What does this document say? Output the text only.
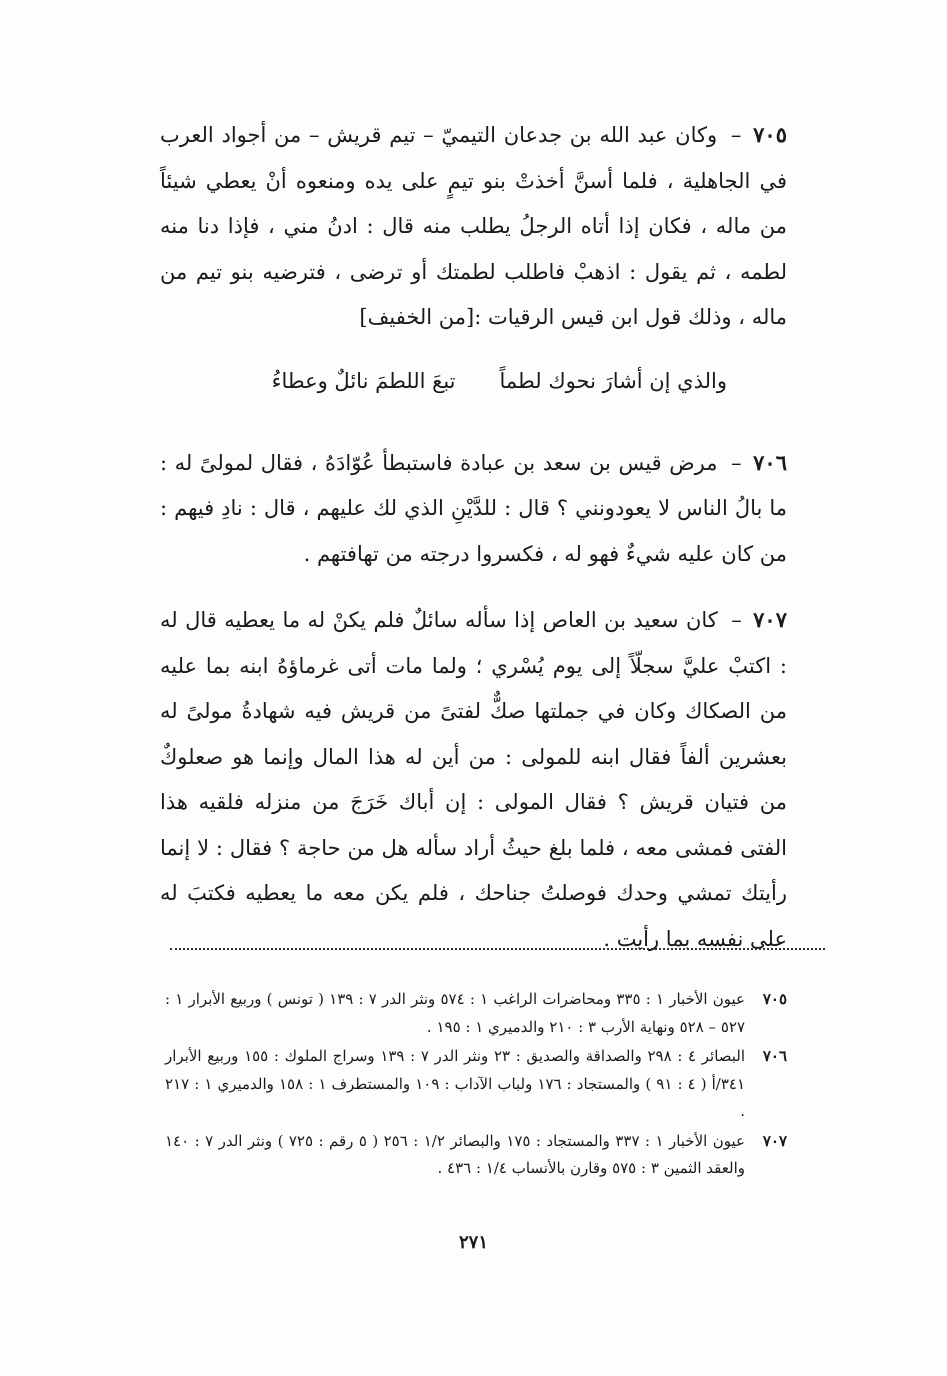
٧٠٥ – وكان عبد الله بن جدعان التيميّ – تيم قريش – من أجواد العرب في الجاهلية ، فلما أسنَّ أخذتْ بنو تيمٍ على يده ومنعوه أنْ يعطي شيئاً من ماله ، فكان إذا أتاه الرجلُ يطلب منه قال : ادنُ مني ، فإذا دنا منه لطمه ، ثم يقول : اذهبْ فاطلب لطمتك أو ترضى ، فترضيه بنو تيم من ماله ، وذلك قول ابن قيس الرقيات :[من الخفيف]

والذي إن أشارَ نحوك لطماً
تبعَ اللطمَ نائلٌ وعطاءُ

٧٠٦ – مرض قيس بن سعد بن عبادة فاستبطأ عُوّادَهُ ، فقال لمولىً له : ما بالُ الناس لا يعودونني ؟ قال : للدَّيْنِ الذي لك عليهم ، قال : نادِ فيهم : من كان عليه شيءٌ فهو له ، فكسروا درجته من تهافتهم .

٧٠٧ – كان سعيد بن العاص إذا سأله سائلٌ فلم يكنْ له ما يعطيه قال له : اكتبْ عليَّ سجلّاً إلى يوم يُسْري ؛ ولما مات أتى غرماؤهُ ابنه بما عليه من الصكاك وكان في جملتها صكٌّ لفتىً من قريش فيه شهادةُ مولىً له بعشرين ألفاً فقال ابنه للمولى : من أين له هذا المال وإنما هو صعلوكٌ من فتيان قريش ؟ فقال المولى : إن أباك خَرَجَ من منزله فلقيه هذا الفتى فمشى معه ، فلما بلغ حيثُ أراد سأله هل من حاجة ؟ فقال : لا إنما رأيتك تمشي وحدك فوصلتُ جناحك ، فلم يكن معه ما يعطيه فكتبَ له على نفسه بما رأيت .

٧٠٥
عيون الأخبار ١ : ٣٣٥ ومحاضرات الراغب ١ : ٥٧٤ ونثر الدر ٧ : ١٣٩ ( تونس ) وربيع الأبرار ١ : ٥٢٧ – ٥٢٨ ونهاية الأرب ٣ : ٢١٠ والدميري ١ : ١٩٥ .

٧٠٦
البصائر ٤ : ٢٩٨ والصداقة والصديق : ٢٣ ونثر الدر ٧ : ١٣٩ وسراج الملوك : ١٥٥ وربيع الأبرار ٣٤١/أ ( ٤ : ٩١ ) والمستجاد : ١٧٦ ولباب الآداب : ١٠٩ والمستطرف ١ : ١٥٨ والدميري ١ : ٢١٧ .

٧٠٧
عيون الأخبار ١ : ٣٣٧ والمستجاد : ١٧٥ والبصائر ١/٢ : ٢٥٦ ( ٥ رقم : ٧٢٥ ) ونثر الدر ٧ : ١٤٠ والعقد الثمين ٣ : ٥٧٥ وقارن بالأنساب ١/٤ : ٤٣٦ .

٢٧١
